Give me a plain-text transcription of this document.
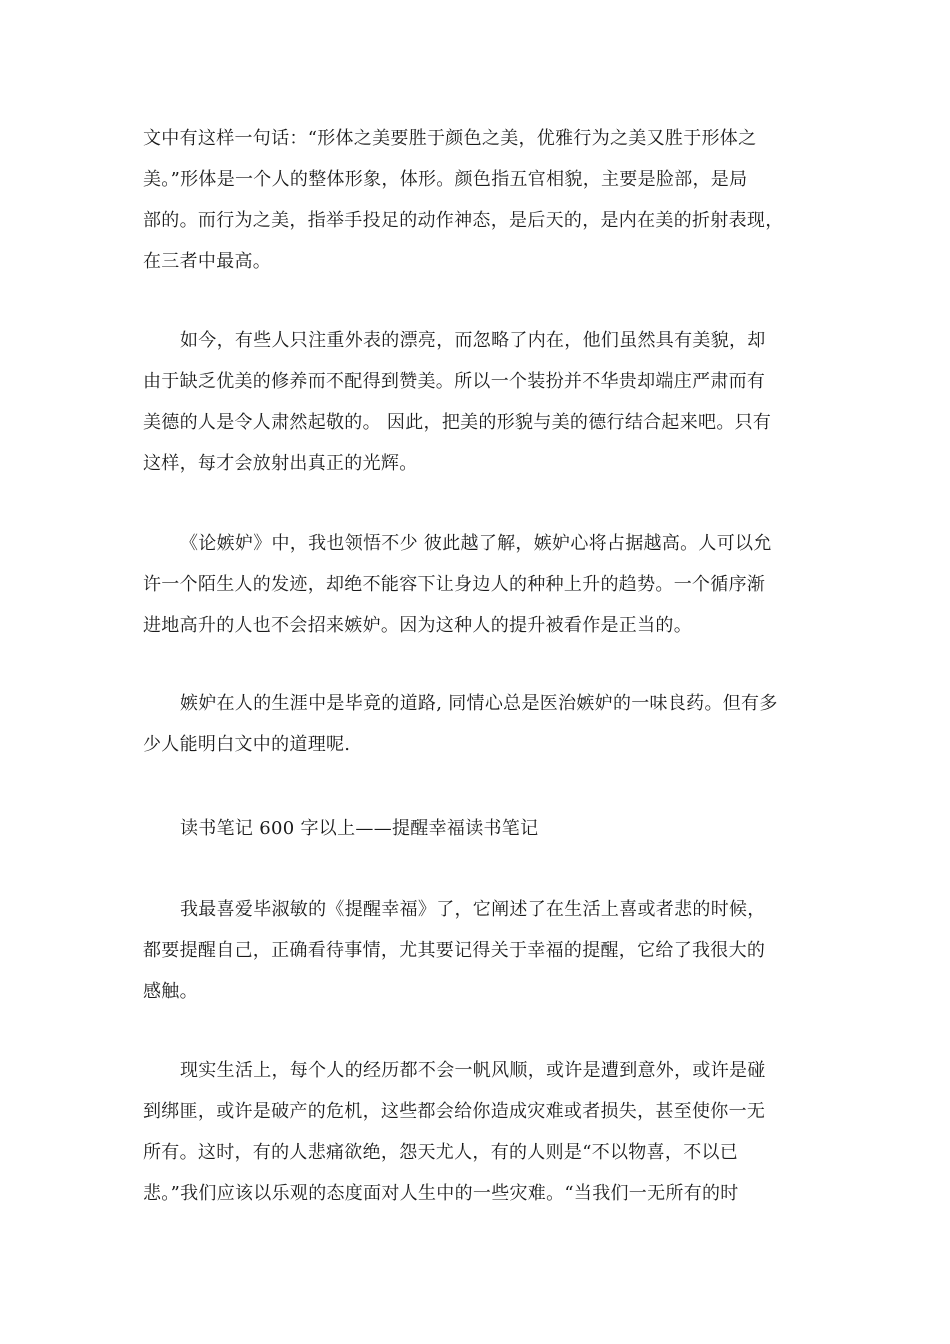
文中有这样一句话：“形体之美要胜于颜色之美，优雅行为之美又胜于形体之
美。”形体是一个人的整体形象，体形。颜色指五官相貌，主要是脸部，是局
部的。而行为之美，指举手投足的动作神态，是后天的，是内在美的折射表现，
在三者中最高。
如今，有些人只注重外表的漂亮，而忽略了内在，他们虽然具有美貌，却
由于缺乏优美的修养而不配得到赞美。所以一个装扮并不华贵却端庄严肃而有
美德的人是令人肃然起敬的。 因此，把美的形貌与美的德行结合起来吧。只有
这样，每才会放射出真正的光辉。
《论嫉妒》中，我也领悟不少 彼此越了解，嫉妒心将占据越高。人可以允
许一个陌生人的发迹，却绝不能容下让身边人的种种上升的趋势。一个循序渐
进地高升的人也不会招来嫉妒。因为这种人的提升被看作是正当的。
嫉妒在人的生涯中是毕竟的道路, 同情心总是医治嫉妒的一味良药。但有多
少人能明白文中的道理呢.
读书笔记 600 字以上——提醒幸福读书笔记
我最喜爱毕淑敏的《提醒幸福》了，它阐述了在生活上喜或者悲的时候，
都要提醒自己，正确看待事情，尤其要记得关于幸福的提醒，它给了我很大的
感触。
现实生活上，每个人的经历都不会一帆风顺，或许是遭到意外，或许是碰
到绑匪，或许是破产的危机，这些都会给你造成灾难或者损失，甚至使你一无
所有。这时，有的人悲痛欲绝，怨天尤人，有的人则是“不以物喜，不以已
悲。”我们应该以乐观的态度面对人生中的一些灾难。“当我们一无所有的时
